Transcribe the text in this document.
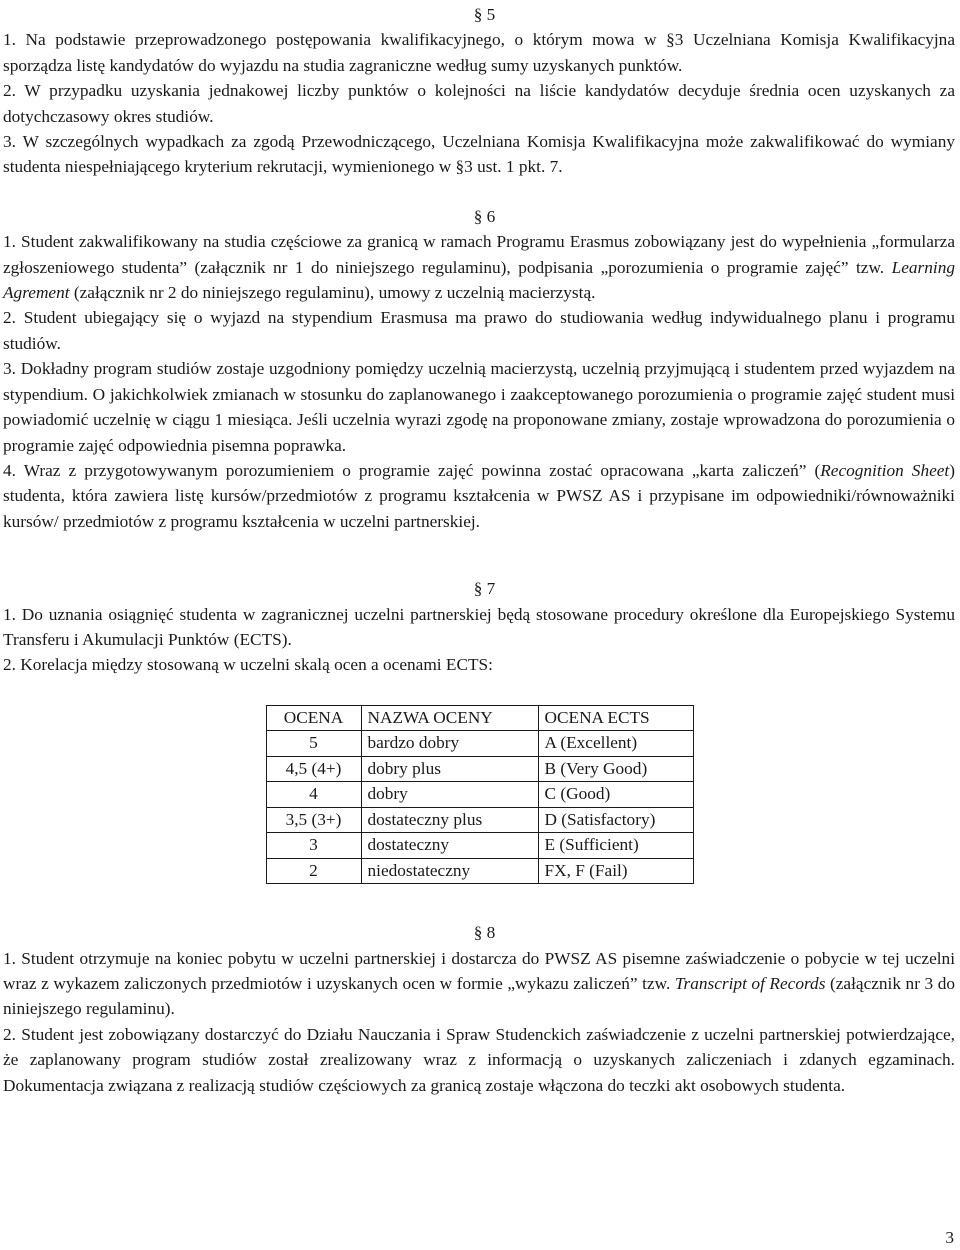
§ 5

1. Na podstawie przeprowadzonego postępowania kwalifikacyjnego, o którym mowa w §3 Uczelniana Komisja Kwalifikacyjna sporządza listę kandydatów do wyjazdu na studia zagraniczne według sumy uzyskanych punktów.

2. W przypadku uzyskania jednakowej liczby punktów o kolejności na liście kandydatów decyduje średnia ocen uzyskanych za dotychczasowy okres studiów.

3. W szczególnych wypadkach za zgodą Przewodniczącego, Uczelniana Komisja Kwalifikacyjna może zakwalifikować do wymiany studenta niespełniającego kryterium rekrutacji, wymienionego w §3 ust. 1 pkt. 7.

§ 6

1. Student zakwalifikowany na studia częściowe za granicą w ramach Programu Erasmus zobowiązany jest do wypełnienia „formularza zgłoszeniowego studenta” (załącznik nr 1 do niniejszego regulaminu), podpisania „porozumienia o programie zajęć” tzw. Learning Agrement (załącznik nr 2 do niniejszego regulaminu), umowy z uczelnią macierzystą.

2. Student ubiegający się o wyjazd na stypendium Erasmusa ma prawo do studiowania według indywidualnego planu i programu studiów.

3. Dokładny program studiów zostaje uzgodniony pomiędzy uczelnią macierzystą, uczelnią przyjmującą i studentem przed wyjazdem na stypendium. O jakichkolwiek zmianach w stosunku do zaplanowanego i zaakceptowanego porozumienia o programie zajęć student musi powiadomić uczelnię w ciągu 1 miesiąca. Jeśli uczelnia wyrazi zgodę na proponowane zmiany, zostaje wprowadzona do porozumienia o programie zajęć odpowiednia pisemna poprawka.

4. Wraz z przygotowywanym porozumieniem o programie zajęć powinna zostać opracowana „karta zaliczeń” (Recognition Sheet) studenta, która zawiera listę kursów/przedmiotów z programu kształcenia w PWSZ AS i przypisane im odpowiedniki/równoważniki kursów/ przedmiotów z programu kształcenia w uczelni partnerskiej.

§ 7

1. Do uznania osiągnięć studenta w zagranicznej uczelni partnerskiej będą stosowane procedury określone dla Europejskiego Systemu Transferu i Akumulacji Punktów (ECTS).

2. Korelacja między stosowaną w uczelni skalą ocen a ocenami ECTS:

OCENA	NAZWA OCENY	OCENA ECTS
5	bardzo dobry	A (Excellent)
4,5 (4+)	dobry plus	B (Very Good)
4	dobry	C (Good)
3,5 (3+)	dostateczny plus	D (Satisfactory)
3	dostateczny	E (Sufficient)
2	niedostateczny	FX, F (Fail)
§ 8

1. Student otrzymuje na koniec pobytu w uczelni partnerskiej i dostarcza do PWSZ AS pisemne zaświadczenie o pobycie w tej uczelni wraz z wykazem zaliczonych przedmiotów i uzyskanych ocen w formie „wykazu zaliczeń” tzw. Transcript of Records (załącznik nr 3 do niniejszego regulaminu).

2. Student jest zobowiązany dostarczyć do Działu Nauczania i Spraw Studenckich zaświadczenie z uczelni partnerskiej potwierdzające, że zaplanowany program studiów został zrealizowany wraz z informacją o uzyskanych zaliczeniach i zdanych egzaminach. Dokumentacja związana z realizacją studiów częściowych za granicą zostaje włączona do teczki akt osobowych studenta.

3
